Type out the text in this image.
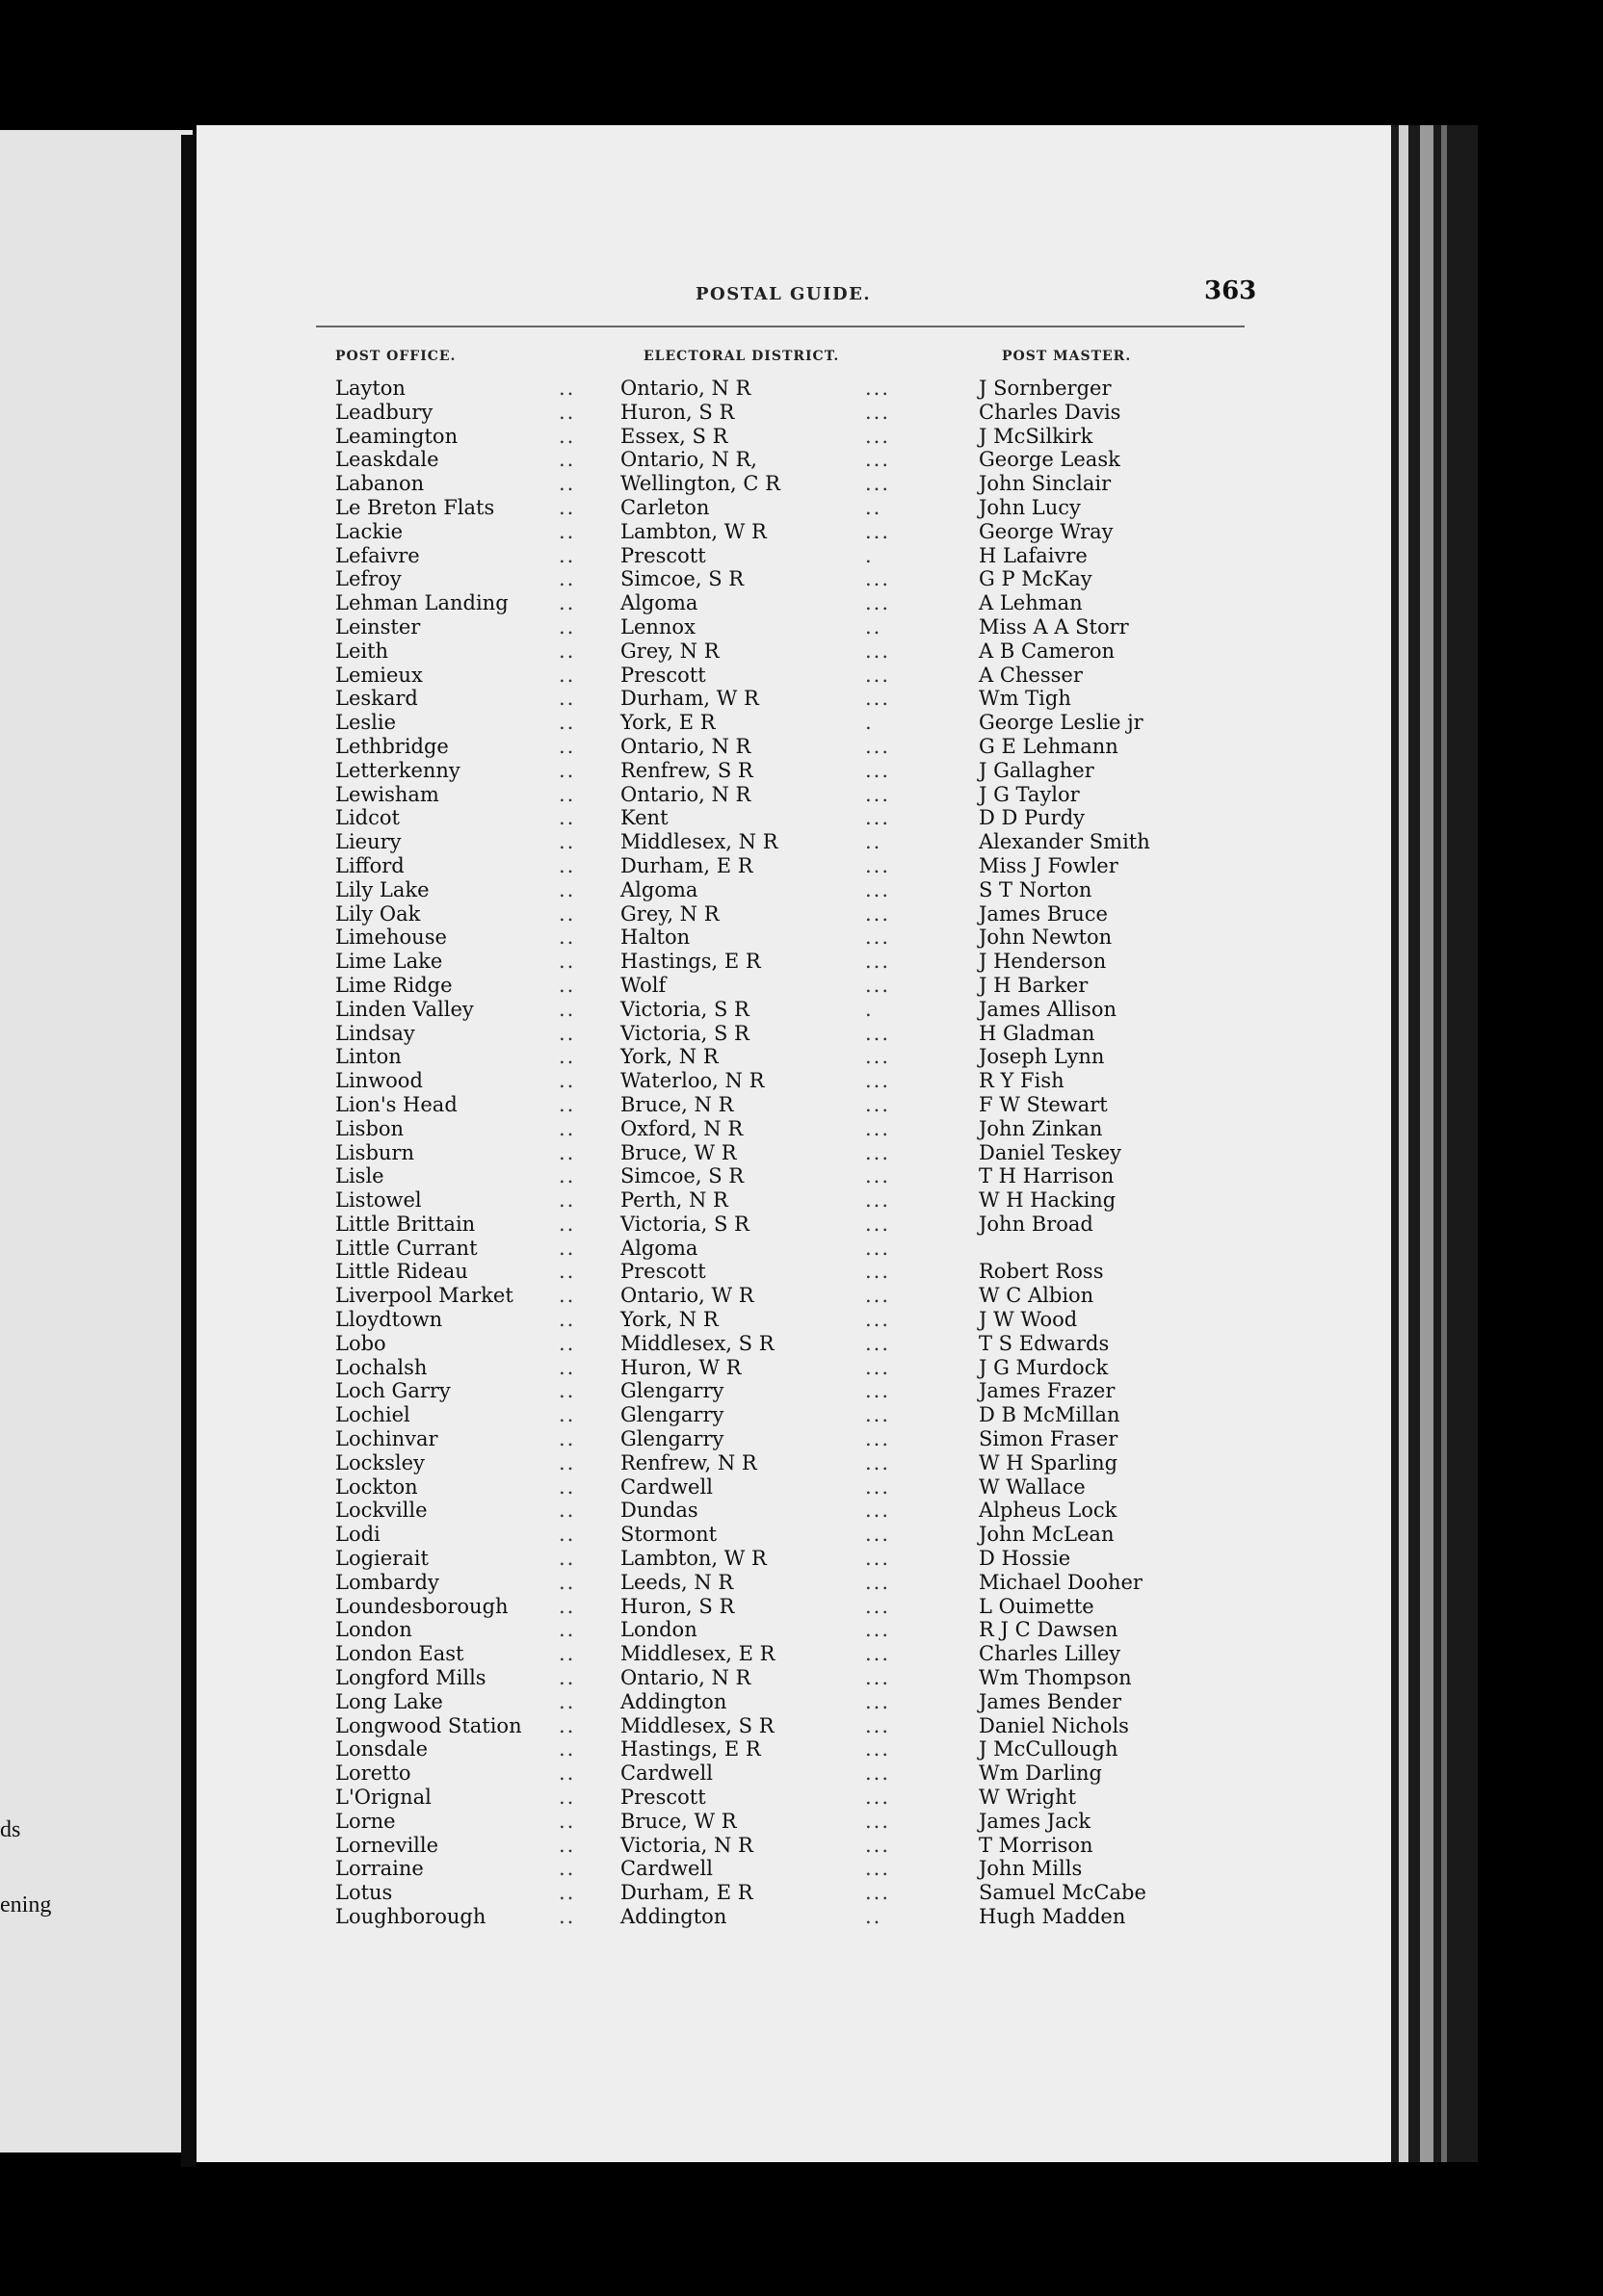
ds
ening
POSTAL GUIDE.	363
POST OFFICE.	ELECTORAL DISTRICT.	POST MASTER.
Layton	.. Ontario, N R	...	J Sornberger
Leadbury	.. Huron, S R	...	Charles Davis
Leamington	.. Essex, S R	...	J McSilkirk
Leaskdale	.. Ontario, N R,	...	George Leask
Labanon	.. Wellington, C R	...	John Sinclair
Le Breton Flats	.. Carleton	..	John Lucy
Lackie	.. Lambton, W R	...	George Wray
Lefaivre	.. Prescott	.	H Lafaivre
Lefroy	.. Simcoe, S R	...	G P McKay
Lehman Landing .. Algoma	...	A Lehman
Leinster	.. Lennox	..	Miss A A Storr
Leith	.. Grey, N R	...	A B Cameron
Lemieux	.. Prescott	...	A Chesser
Leskard	.. Durham, W R	...	Wm Tigh
Leslie	.. York, E R	.	George Leslie jr
Lethbridge	.. Ontario, N R	...	G E Lehmann
Letterkenny	.. Renfrew, S R	...	J Gallagher
Lewisham	.. Ontario, N R	...	J G Taylor
Lidcot	.. Kent	...	D D Purdy
Lieury	.. Middlesex, N R	..	Alexander Smith
Lifford	.. Durham, E R	...	Miss J Fowler
Lily Lake	.. Algoma	...	S T Norton
Lily Oak	.. Grey, N R	...	James Bruce
Limehouse	.. Halton	...	John Newton
Lime Lake	.. Hastings, E R	...	J Henderson
Lime Ridge	.. Wolf	...	J H Barker
Linden Valley	.. Victoria, S R	.	James Allison
Lindsay	.. Victoria, S R	...	H Gladman
Linton	.. York, N R	...	Joseph Lynn
Linwood	.. Waterloo, N R	...	R Y Fish
Lion's Head	.. Bruce, N R	...	F W Stewart
Lisbon	.. Oxford, N R	...	John Zinkan
Lisburn	.. Bruce, W R	...	Daniel Teskey
Lisle	.. Simcoe, S R	...	T H Harrison
Listowel	.. Perth, N R	...	W H Hacking
Little Brittain	.. Victoria, S R	...	John Broad
Little Currant	.. Algoma	...
Little Rideau	.. Prescott	...	Robert Ross
Liverpool Market .. Ontario, W R	...	W C Albion
Lloydtown	.. York, N R	...	J W Wood
Lobo	.. Middlesex, S R	...	T S Edwards
Lochalsh	.. Huron, W R	...	J G Murdock
Loch Garry	.. Glengarry	...	James Frazer
Lochiel	.. Glengarry	...	D B McMillan
Lochinvar	.. Glengarry	...	Simon Fraser
Locksley	.. Renfrew, N R	...	W H Sparling
Lockton	.. Cardwell	...	W Wallace
Lockville	.. Dundas	...	Alpheus Lock
Lodi	.. Stormont	...	John McLean
Logierait	.. Lambton, W R	...	D Hossie
Lombardy	.. Leeds, N R	...	Michael Dooher
Loundesborough .. Huron, S R	...	L Ouimette
London	.. London	...	R J C Dawsen
London East	.. Middlesex, E R	...	Charles Lilley
Longford Mills	.. Ontario, N R	...	Wm Thompson
Long Lake	.. Addington	...	James Bender
Longwood Station .. Middlesex, S R	...	Daniel Nichols
Lonsdale	.. Hastings, E R	...	J McCullough
Loretto	.. Cardwell	...	Wm Darling
L'Orignal	.. Prescott	...	W Wright
Lorne	.. Bruce, W R	...	James Jack
Lorneville	.. Victoria, N R	...	T Morrison
Lorraine	.. Cardwell	...	John Mills
Lotus	.. Durham, E R	...	Samuel McCabe
Loughborough	.. Addington	..	Hugh Madden
